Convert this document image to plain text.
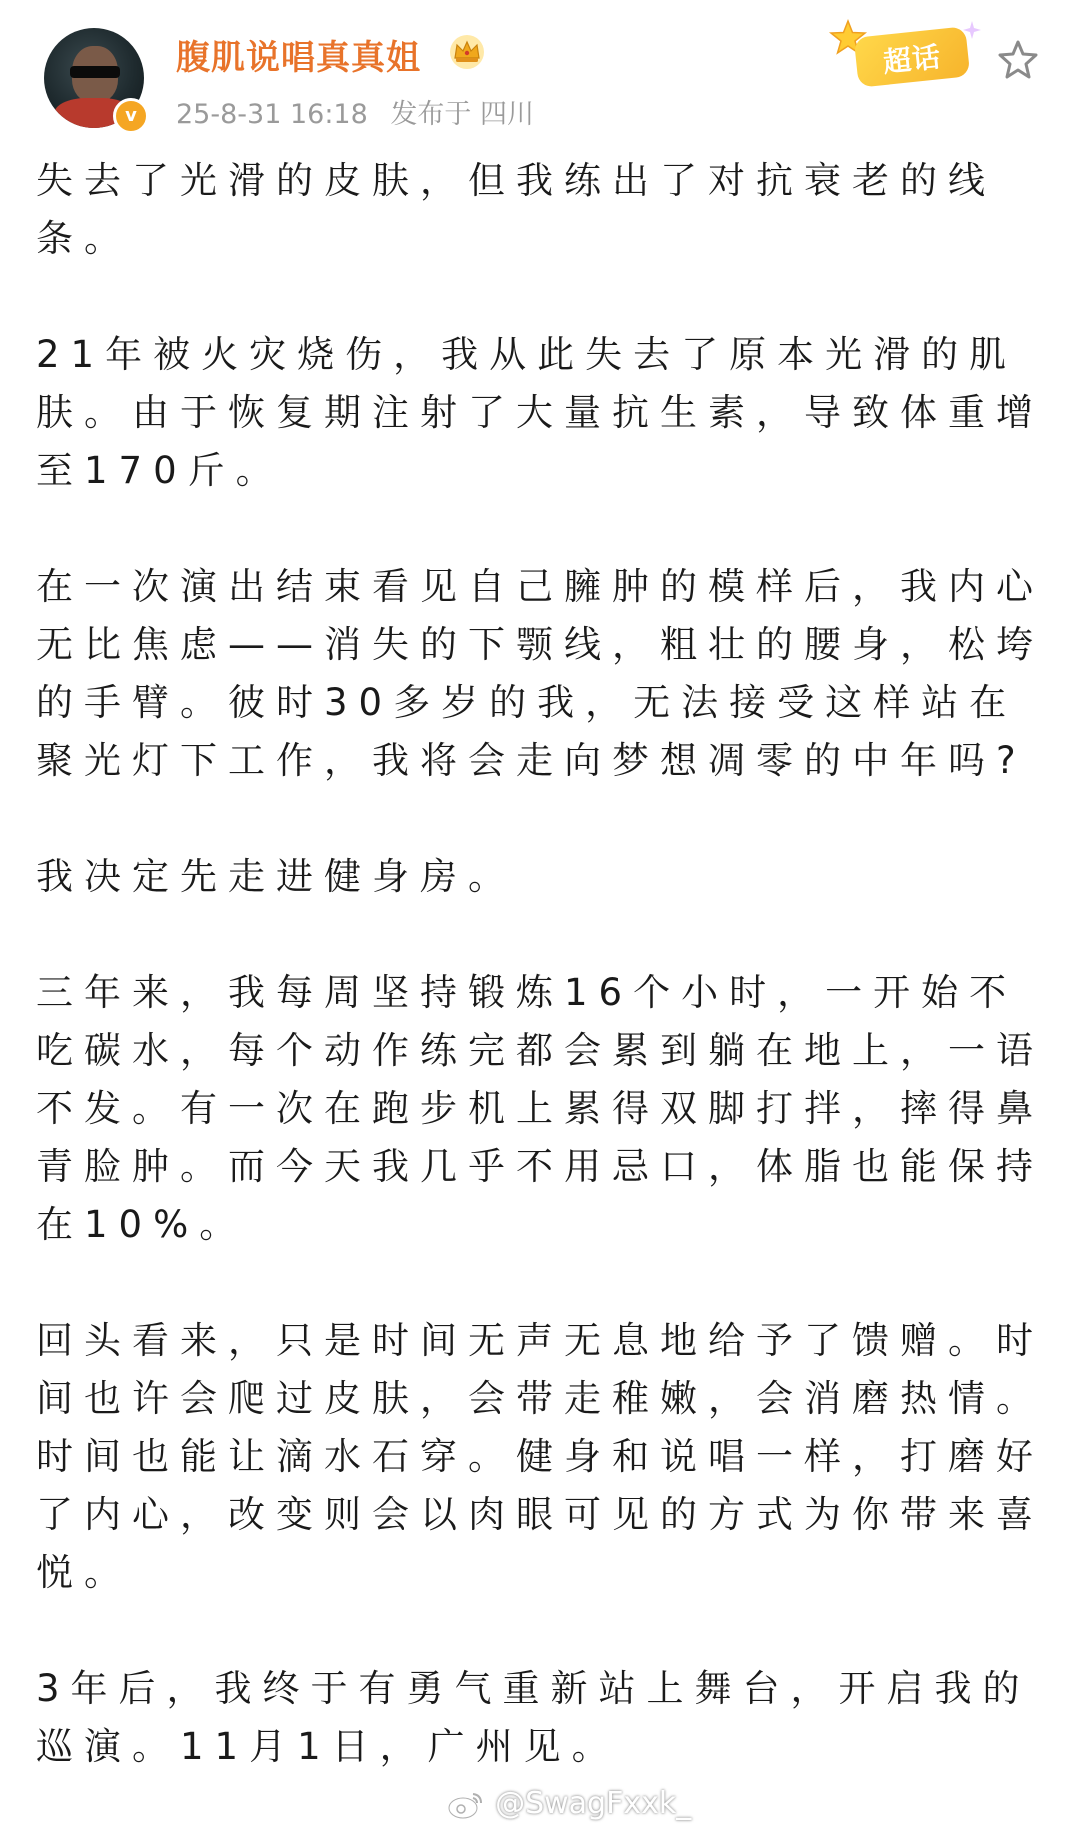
v
腹肌说唱真真姐
25-8-31 16:18 发布于 四川
超话

失去了光滑的皮肤，但我练出了对抗衰老的线条。

21年被火灾烧伤，我从此失去了原本光滑的肌肤。由于恢复期注射了大量抗生素，导致体重增至170斤。

在一次演出结束看见自己臃肿的模样后，我内心无比焦虑——消失的下颚线，粗壮的腰身，松垮的手臂。彼时30多岁的我，无法接受这样站在聚光灯下工作，我将会走向梦想凋零的中年吗?

我决定先走进健身房。

三年来，我每周坚持锻炼16个小时，一开始不吃碳水，每个动作练完都会累到躺在地上，一语不发。有一次在跑步机上累得双脚打拌，摔得鼻青脸肿。而今天我几乎不用忌口，体脂也能保持在10%。

回头看来，只是时间无声无息地给予了馈赠。时间也许会爬过皮肤，会带走稚嫩，会消磨热情。时间也能让滴水石穿。健身和说唱一样，打磨好了内心，改变则会以肉眼可见的方式为你带来喜悦。

3年后，我终于有勇气重新站上舞台，开启我的巡演。11月1日，广州见。

@SwagFxxk_
